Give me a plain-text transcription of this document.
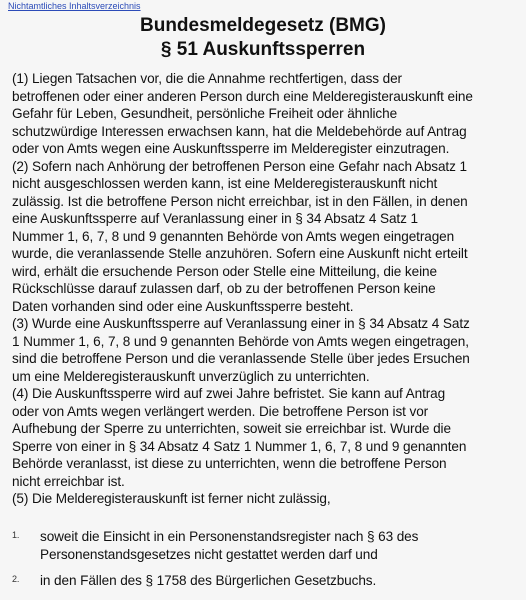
Nichtamtliches Inhaltsverzeichnis
Bundesmeldegesetz (BMG)
§ 51 Auskunftssperren
(1) Liegen Tatsachen vor, die die Annahme rechtfertigen, dass der
betroffenen oder einer anderen Person durch eine Melderegisterauskunft eine
Gefahr für Leben, Gesundheit, persönliche Freiheit oder ähnliche
schutzwürdige Interessen erwachsen kann, hat die Meldebehörde auf Antrag
oder von Amts wegen eine Auskunftssperre im Melderegister einzutragen.
(2) Sofern nach Anhörung der betroffenen Person eine Gefahr nach Absatz 1
nicht ausgeschlossen werden kann, ist eine Melderegisterauskunft nicht
zulässig. Ist die betroffene Person nicht erreichbar, ist in den Fällen, in denen
eine Auskunftssperre auf Veranlassung einer in § 34 Absatz 4 Satz 1
Nummer 1, 6, 7, 8 und 9 genannten Behörde von Amts wegen eingetragen
wurde, die veranlassende Stelle anzuhören. Sofern eine Auskunft nicht erteilt
wird, erhält die ersuchende Person oder Stelle eine Mitteilung, die keine
Rückschlüsse darauf zulassen darf, ob zu der betroffenen Person keine
Daten vorhanden sind oder eine Auskunftssperre besteht.
(3) Wurde eine Auskunftssperre auf Veranlassung einer in § 34 Absatz 4 Satz
1 Nummer 1, 6, 7, 8 und 9 genannten Behörde von Amts wegen eingetragen,
sind die betroffene Person und die veranlassende Stelle über jedes Ersuchen
um eine Melderegisterauskunft unverzüglich zu unterrichten.
(4) Die Auskunftssperre wird auf zwei Jahre befristet. Sie kann auf Antrag
oder von Amts wegen verlängert werden. Die betroffene Person ist vor
Aufhebung der Sperre zu unterrichten, soweit sie erreichbar ist. Wurde die
Sperre von einer in § 34 Absatz 4 Satz 1 Nummer 1, 6, 7, 8 und 9 genannten
Behörde veranlasst, ist diese zu unterrichten, wenn die betroffene Person
nicht erreichbar ist.
(5) Die Melderegisterauskunft ist ferner nicht zulässig,
1. soweit die Einsicht in ein Personenstandsregister nach § 63 des
Personenstandsgesetzes nicht gestattet werden darf und
2. in den Fällen des § 1758 des Bürgerlichen Gesetzbuchs.
